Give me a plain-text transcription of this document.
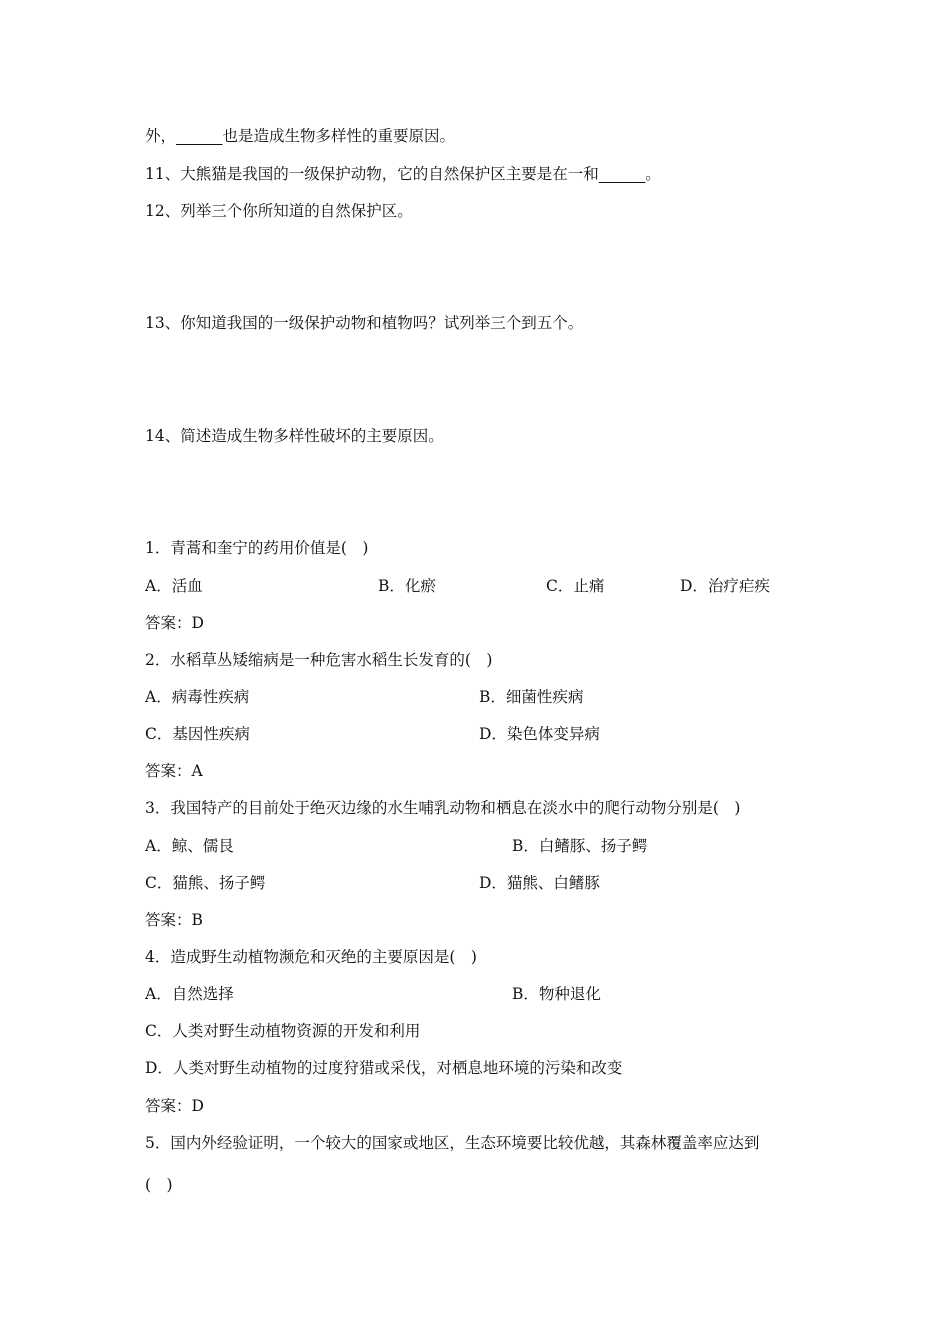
外，______也是造成生物多样性的重要原因。
11、大熊猫是我国的一级保护动物，它的自然保护区主要是在一和______。
12、列举三个你所知道的自然保护区。
13、你知道我国的一级保护动物和植物吗？试列举三个到五个。
14、简述造成生物多样性破坏的主要原因。
1．青蒿和奎宁的药用价值是(　)
A．活血	B．化瘀	C．止痛	D．治疗疟疾
答案：D
2．水稻草丛矮缩病是一种危害水稻生长发育的(　)
A．病毒性疾病	B．细菌性疾病
C．基因性疾病	D．染色体变异病
答案：A
3．我国特产的目前处于绝灭边缘的水生哺乳动物和栖息在淡水中的爬行动物分别是(　)
A．鲸、儒艮	B．白鳍豚、扬子鳄
C．猫熊、扬子鳄	D．猫熊、白鳍豚
答案：B
4．造成野生动植物濒危和灭绝的主要原因是(　)
A．自然选择	B．物种退化
C．人类对野生动植物资源的开发和利用
D．人类对野生动植物的过度狩猎或采伐，对栖息地环境的污染和改变
答案：D
5．国内外经验证明，一个较大的国家或地区，生态环境要比较优越，其森林覆盖率应达到
(　)
